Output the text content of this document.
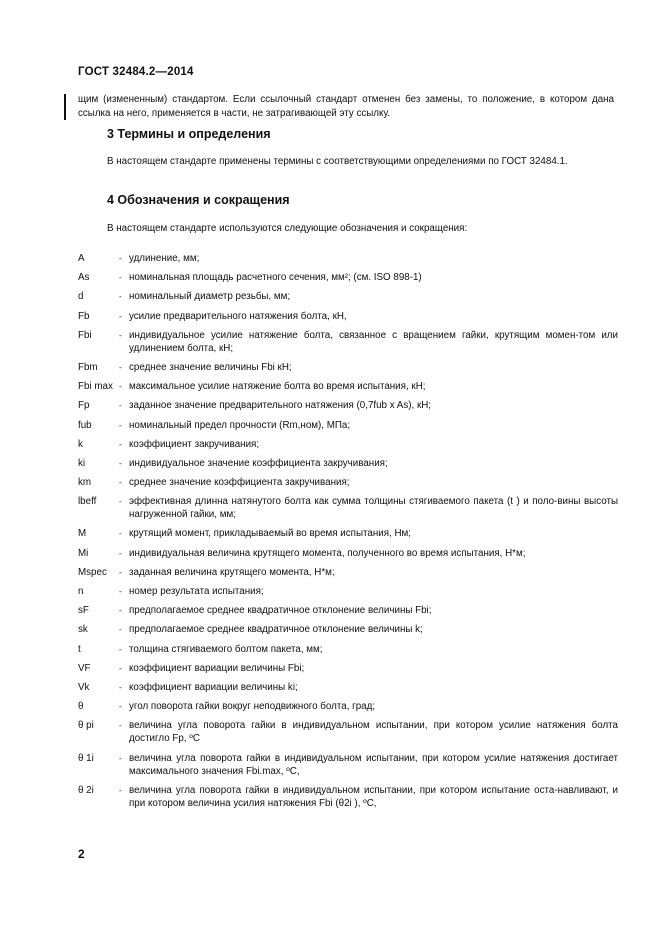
ГОСТ 32484.2—2014
щим (измененным) стандартом. Если ссылочный стандарт отменен без замены, то положение, в котором дана ссылка на него, применяется в части, не затрагивающей эту ссылку.
3 Термины и определения
В настоящем стандарте применены термины с соответствующими определениями по ГОСТ 32484.1.
4 Обозначения и сокращения
В настоящем стандарте используются следующие обозначения и сокращения:
A	- удлинение, мм;
As	- номинальная площадь расчетного сечения, мм²; (см. ISO 898-1)
d	- номинальный диаметр резьбы, мм;
Fb	- усилие предварительного натяжения болта, кН,
Fbi	- индивидуальное усилие натяжение болта, связанное с вращением гайки, крутящим момен-том или удлинением болта, кН;
Fbm	- среднее значение величины Fbi кН;
Fbi max - максимальное усилие натяжение болта во время испытания, кН;
Fp	- заданное значение предварительного натяжения (0,7fub x As), кН;
fub	- номинальный предел прочности (Rm,ном), МПа;
k	- коэффициент закручивания;
ki	- индивидуальное значение коэффициента закручивания;
km	- среднее значение коэффициента закручивания;
lbeff	- эффективная длинна натянутого болта как сумма толщины стягиваемого пакета (t ) и поло-вины высоты нагруженной гайки, мм;
M	- крутящий момент, прикладываемый во время испытания, Нм;
Mi	- индивидуальная величина крутящего момента, полученного во время испытания, Н*м;
Mspec	- заданная величина крутящего момента, Н*м;
n	- номер результата испытания;
sF	- предполагаемое среднее квадратичное отклонение величины Fbi;
sk	- предполагаемое среднее квадратичное отклонение величины k;
t	- толщина стягиваемого болтом пакета, мм;
VF	- коэффициент вариации величины Fbi;
Vk	- коэффициент вариации величины ki;
θ	- угол поворота гайки вокруг неподвижного болта, град;
θ pi	- величина угла поворота гайки в индивидуальном испытании, при котором усилие натяжения болта достигло Fp, ºC
θ 1i	- величина угла поворота гайки в индивидуальном испытании, при котором усилие натяжения достигает максимального значения Fbi.max, ºC,
θ 2i	- величина угла поворота гайки в индивидуальном испытании, при котором испытание оста-навливают, и при котором величина усилия натяжения Fbi (θ2i ), ºC,
2
